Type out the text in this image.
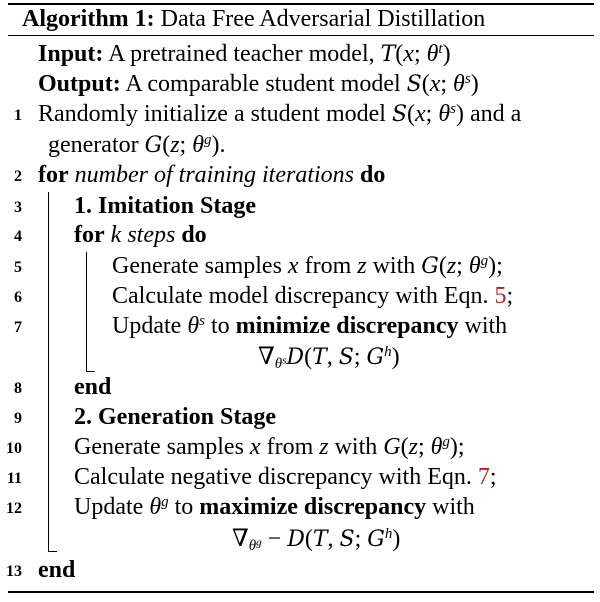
Algorithm 1: Data Free Adversarial Distillation
Input: A pretrained teacher model, T(x; $\theta^t$)
Output: A comparable student model S(x; $\theta^s$)
1 Randomly initialize a student model S(x; $\theta^s$) and a
generator G(z; $\theta^g$).
2 for number of training iterations do
3 1. Imitation Stage
4 for k steps do
5	Generate samples x from z with G(z; $\theta^g$);
6	Calculate model discrepancy with Eqn. 5;
7	Update $\theta^s$ to minimize discrepancy with
$\nabla_{\theta^s}D(T$, S; $G^h$)
8 end
9 2. Generation Stage
10 Generate samples x from z with G(z; $\theta^g$);
11 Calculate negative discrepancy with Eqn. 7;
12 Update $\theta^g$ to maximize discrepancy with
$\nabla_{\theta^g} - D(T$, S; $G^h$)
13 end
